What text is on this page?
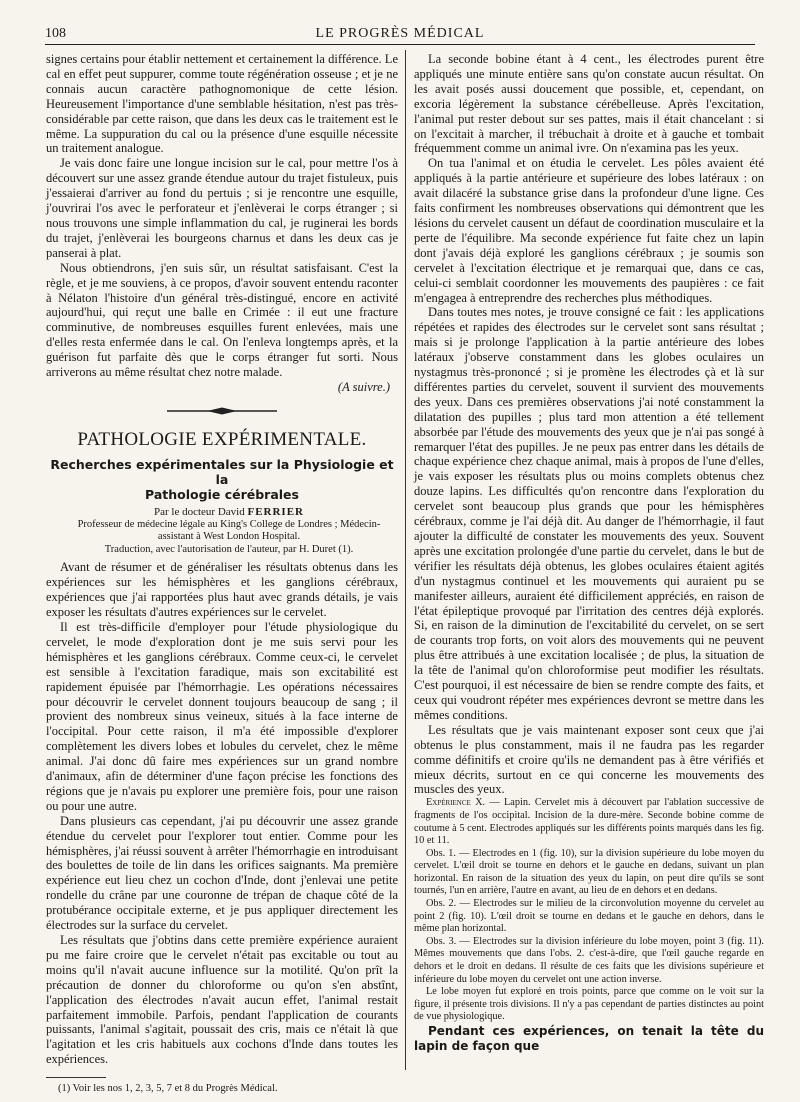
108	LE PROGRÈS MÉDICAL

signes certains pour établir nettement et certainement la différence. Le cal en effet peut suppurer, comme toute régénération osseuse ; et je ne connais aucun caractère pathognomonique de cette lésion. Heureusement l'importance d'une semblable hésitation, n'est pas très-considérable par cette raison, que dans les deux cas le traitement est le même. La suppuration du cal ou la présence d'une esquille nécessite un traitement analogue.

Je vais donc faire une longue incision sur le cal, pour mettre l'os à découvert sur une assez grande étendue autour du trajet fistuleux, puis j'essaierai d'arriver au fond du pertuis ; si je rencontre une esquille, j'ouvrirai l'os avec le perforateur et j'enlèverai le corps étranger ; si nous trouvons une simple inflammation du cal, je ruginerai les bords du trajet, j'enlèverai les bourgeons charnus et dans les deux cas je panserai à plat.

Nous obtiendrons, j'en suis sûr, un résultat satisfaisant. C'est la règle, et je me souviens, à ce propos, d'avoir souvent entendu raconter à Nélaton l'histoire d'un général très-distingué, encore en activité aujourd'hui, qui reçut une balle en Crimée : il eut une fracture comminutive, de nombreuses esquilles furent enlevées, mais une d'elles resta enfermée dans le cal. On l'enleva longtemps après, et la guérison fut parfaite dès que le corps étranger fut sorti. Nous arriverons au même résultat chez notre malade.

(A suivre.)

PATHOLOGIE EXPÉRIMENTALE.
Recherches expérimentales sur la Physiologie et la
Pathologie cérébrales

Par le docteur David FERRIER

Professeur de médecine légale au King's College de Londres ; Médecin-

assistant à West London Hospital.

Traduction, avec l'autorisation de l'auteur, par H. Duret (1).

Avant de résumer et de généraliser les résultats obtenus dans les expériences sur les hémisphères et les ganglions cérébraux, expériences que j'ai rapportées plus haut avec grands détails, je vais exposer les résultats d'autres expériences sur le cervelet.

Il est très-difficile d'employer pour l'étude physiologique du cervelet, le mode d'exploration dont je me suis servi pour les hémisphères et les ganglions cérébraux. Comme ceux-ci, le cervelet est sensible à l'excitation faradique, mais son excitabilité est rapidement épuisée par l'hémorrhagie. Les opérations nécessaires pour découvrir le cervelet donnent toujours beaucoup de sang ; il provient des nombreux sinus veineux, situés à la face interne de l'occipital. Pour cette raison, il m'a été impossible d'explorer complètement les divers lobes et lobules du cervelet, chez le même animal. J'ai donc dû faire mes expériences sur un grand nombre d'animaux, afin de déterminer d'une façon précise les fonctions des régions que je n'avais pu explorer une première fois, pour une raison ou pour une autre.

Dans plusieurs cas cependant, j'ai pu découvrir une assez grande étendue du cervelet pour l'explorer tout entier. Comme pour les hémisphères, j'ai réussi souvent à arrêter l'hémorrhagie en introduisant des boulettes de toile de lin dans les orifices saignants. Ma première expérience eut lieu chez un cochon d'Inde, dont j'enlevai une petite rondelle du crâne par une couronne de trépan de chaque côté de la protubérance occipitale externe, et je pus appliquer directement les électrodes sur la surface du cervelet.

Les résultats que j'obtins dans cette première expérience auraient pu me faire croire que le cervelet n'était pas excitable ou tout au moins qu'il n'avait aucune influence sur la motilité. Qu'on prît la précaution de donner du chloroforme ou qu'on s'en abstînt, l'application des électrodes n'avait aucun effet, l'animal restait parfaitement immobile. Parfois, pendant l'application de courants puissants, l'animal s'agitait, poussait des cris, mais ce n'était là que l'agitation et les cris habituels aux cochons d'Inde dans toutes les expériences.

(1) Voir les nos 1, 2, 3, 5, 7 et 8 du Progrès Médical.

La seconde bobine étant à 4 cent., les électrodes purent être appliqués une minute entière sans qu'on constate aucun résultat. On les avait posés aussi doucement que possible, et, cependant, on excoria légèrement la substance cérébelleuse. Après l'excitation, l'animal put rester debout sur ses pattes, mais il était chancelant : si on l'excitait à marcher, il trébuchait à droite et à gauche et tombait fréquemment comme un animal ivre. On n'examina pas les yeux.

On tua l'animal et on étudia le cervelet. Les pôles avaient été appliqués à la partie antérieure et supérieure des lobes latéraux : on avait dilacéré la substance grise dans la profondeur d'une ligne. Ces faits confirment les nombreuses observations qui démontrent que les lésions du cervelet causent un défaut de coordination musculaire et la perte de l'équilibre. Ma seconde expérience fut faite chez un lapin dont j'avais déjà exploré les ganglions cérébraux ; je soumis son cervelet à l'excitation électrique et je remarquai que, dans ce cas, celui-ci semblait coordonner les mouvements des paupières : ce fait m'engagea à entreprendre des recherches plus méthodiques.

Dans toutes mes notes, je trouve consigné ce fait : les applications répétées et rapides des électrodes sur le cervelet sont sans résultat ; mais si je prolonge l'application à la partie antérieure des lobes latéraux j'observe constamment dans les globes oculaires un nystagmus très-prononcé ; si je promène les électrodes çà et là sur différentes parties du cervelet, souvent il survient des mouvements des yeux. Dans ces premières observations j'ai noté constamment la dilatation des pupilles ; plus tard mon attention a été tellement absorbée par l'étude des mouvements des yeux que je n'ai pas songé à remarquer l'état des pupilles. Je ne peux pas entrer dans les détails de chaque expérience chez chaque animal, mais à propos de l'une d'elles, je vais exposer les résultats plus ou moins complets obtenus chez douze lapins. Les difficultés qu'on rencontre dans l'exploration du cervelet sont beaucoup plus grands que pour les hémisphères cérébraux, comme je l'ai déjà dit. Au danger de l'hémorrhagie, il faut ajouter la difficulté de constater les mouvements des yeux. Souvent après une excitation prolongée d'une partie du cervelet, dans le but de vérifier les résultats déjà obtenus, les globes oculaires étaient agités d'un nystagmus continuel et les mouvements qui auraient pu se manifester ailleurs, auraient été difficilement appréciés, en raison de l'état épileptique provoqué par l'irritation des centres déjà explorés. Si, en raison de la diminution de l'excitabilité du cervelet, on se sert de courants trop forts, on voit alors des mouvements qui ne peuvent plus être attribués à une excitation localisée ; de plus, la situation de la tête de l'animal qu'on chloroformise peut modifier les résultats. C'est pourquoi, il est nécessaire de bien se rendre compte des faits, et ceux qui voudront répéter mes expériences devront se mettre dans les mêmes conditions.

Les résultats que je vais maintenant exposer sont ceux que j'ai obtenus le plus constamment, mais il ne faudra pas les regarder comme définitifs et croire qu'ils ne demandent pas à être vérifiés et mieux décrits, surtout en ce qui concerne les mouvements des muscles des yeux.

Expérience X. — Lapin. Cervelet mis à découvert par l'ablation successive de fragments de l'os occipital. Incision de la dure-mère. Seconde bobine comme de coutume à 5 cent. Electrodes appliqués sur les différents points marqués dans les fig. 10 et 11.

Obs. 1. — Electrodes en 1 (fig. 10), sur la division supérieure du lobe moyen du cervelet. L'œil droit se tourne en dehors et le gauche en dedans, suivant un plan horizontal. En raison de la situation des yeux du lapin, on peut dire qu'ils se sont tournés, l'un en arrière, l'autre en avant, au lieu de en dehors et en dedans.

Obs. 2. — Electrodes sur le milieu de la circonvolution moyenne du cervelet au point 2 (fig. 10). L'œil droit se tourne en dedans et le gauche en dehors, dans le même plan horizontal.

Obs. 3. — Electrodes sur la division inférieure du lobe moyen, point 3 (fig. 11). Mêmes mouvements que dans l'obs. 2. c'est-à-dire, que l'œil gauche regarde en dehors et le droit en dedans. Il résulte de ces faits que les divisions supérieure et inférieure du lobe moyen du cervelet ont une action inverse.

Le lobe moyen fut exploré en trois points, parce que comme on le voit sur la figure, il présente trois divisions. Il n'y a pas cependant de parties distinctes au point de vue physiologique.

Pendant ces expériences, on tenait la tête du lapin de façon que
